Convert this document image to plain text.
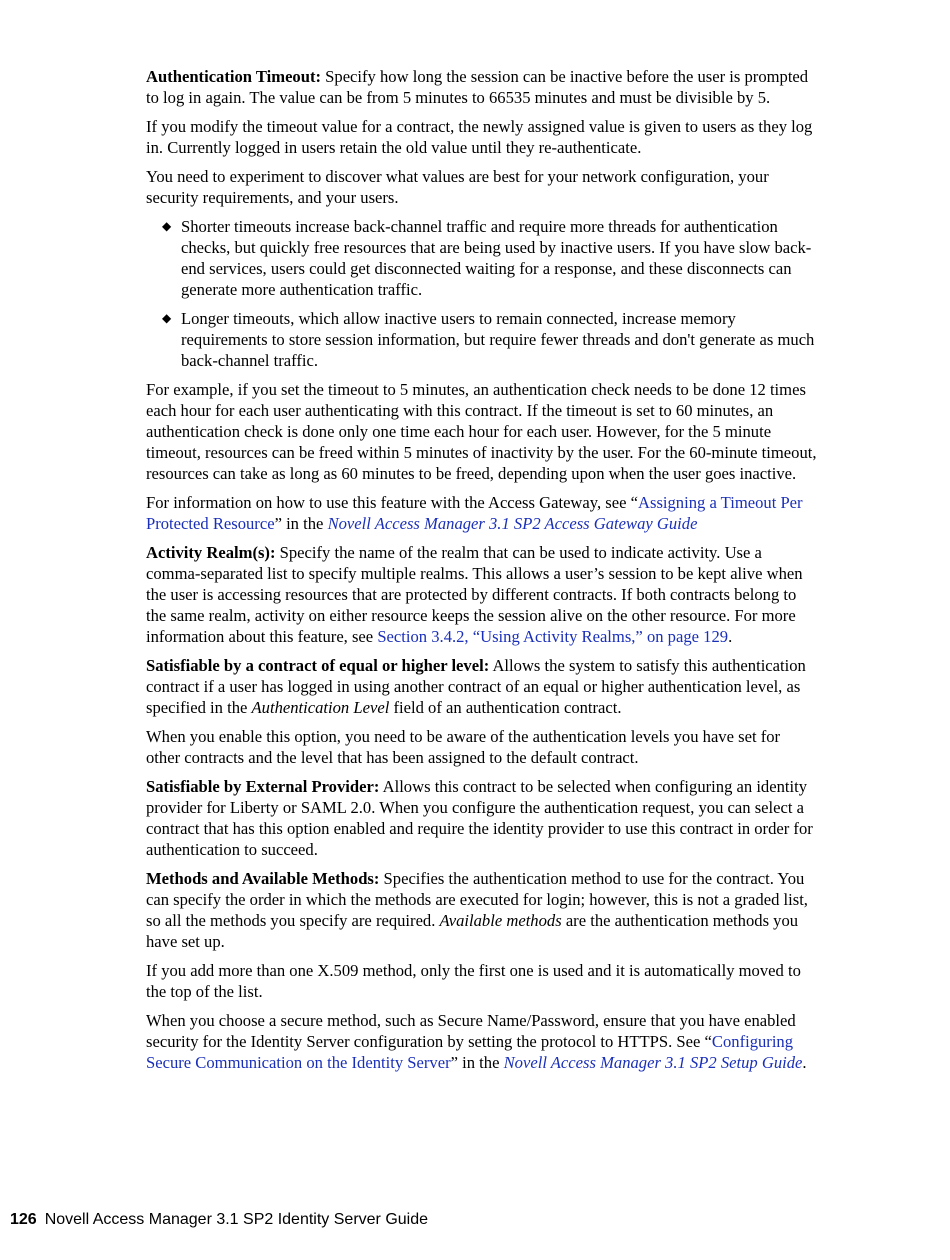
Authentication Timeout: Specify how long the session can be inactive before the user is prompted to log in again. The value can be from 5 minutes to 66535 minutes and must be divisible by 5.

If you modify the timeout value for a contract, the newly assigned value is given to users as they log in. Currently logged in users retain the old value until they re-authenticate.

You need to experiment to discover what values are best for your network configuration, your security requirements, and your users.

◆ Shorter timeouts increase back-channel traffic and require more threads for authentication checks, but quickly free resources that are being used by inactive users. If you have slow back-end services, users could get disconnected waiting for a response, and these disconnects can generate more authentication traffic.
◆ Longer timeouts, which allow inactive users to remain connected, increase memory requirements to store session information, but require fewer threads and don't generate as much back-channel traffic.

For example, if you set the timeout to 5 minutes, an authentication check needs to be done 12 times each hour for each user authenticating with this contract. If the timeout is set to 60 minutes, an authentication check is done only one time each hour for each user. However, for the 5 minute timeout, resources can be freed within 5 minutes of inactivity by the user. For the 60-minute timeout, resources can take as long as 60 minutes to be freed, depending upon when the user goes inactive.

For information on how to use this feature with the Access Gateway, see “Assigning a Timeout Per Protected Resource” in the Novell Access Manager 3.1 SP2 Access Gateway Guide

Activity Realm(s): Specify the name of the realm that can be used to indicate activity. Use a comma-separated list to specify multiple realms. This allows a user’s session to be kept alive when the user is accessing resources that are protected by different contracts. If both contracts belong to the same realm, activity on either resource keeps the session alive on the other resource. For more information about this feature, see Section 3.4.2, “Using Activity Realms,” on page 129.

Satisfiable by a contract of equal or higher level: Allows the system to satisfy this authentication contract if a user has logged in using another contract of an equal or higher authentication level, as specified in the Authentication Level field of an authentication contract.

When you enable this option, you need to be aware of the authentication levels you have set for other contracts and the level that has been assigned to the default contract.

Satisfiable by External Provider: Allows this contract to be selected when configuring an identity provider for Liberty or SAML 2.0. When you configure the authentication request, you can select a contract that has this option enabled and require the identity provider to use this contract in order for authentication to succeed.

Methods and Available Methods: Specifies the authentication method to use for the contract. You can specify the order in which the methods are executed for login; however, this is not a graded list, so all the methods you specify are required. Available methods are the authentication methods you have set up.

If you add more than one X.509 method, only the first one is used and it is automatically moved to the top of the list.

When you choose a secure method, such as Secure Name/Password, ensure that you have enabled security for the Identity Server configuration by setting the protocol to HTTPS. See “Configuring Secure Communication on the Identity Server” in the Novell Access Manager 3.1 SP2 Setup Guide.

126 Novell Access Manager 3.1 SP2 Identity Server Guide
